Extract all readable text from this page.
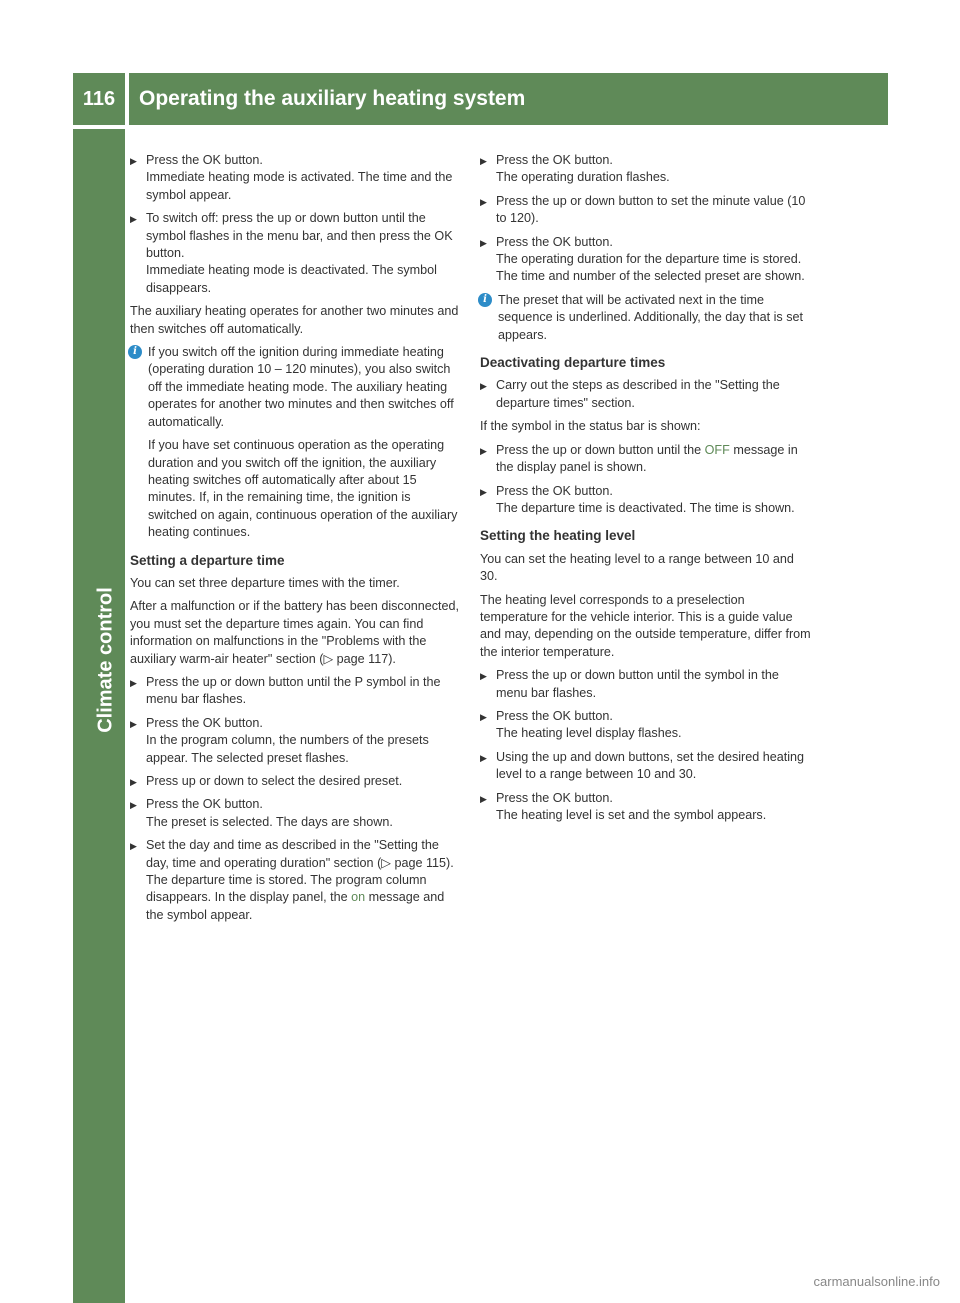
116	Operating the auxiliary heating system
Climate control
▶ Press the OK button.
Immediate heating mode is activated. The time and the symbol appear.
▶ To switch off: press the up or down button until the symbol flashes in the menu bar, and then press the OK button.
Immediate heating mode is deactivated. The symbol disappears.

The auxiliary heating operates for another two minutes and then switches off automatically.

i If you switch off the ignition during immediate heating (operating duration 10 – 120 minutes), you also switch off the immediate heating mode. The auxiliary heating operates for another two minutes and then switches off automatically.
If you have set continuous operation as the operating duration and you switch off the ignition, the auxiliary heating switches off automatically after about 15 minutes. If, in the remaining time, the ignition is switched on again, continuous operation of the auxiliary heating continues.
Setting a departure time

You can set three departure times with the timer.

After a malfunction or if the battery has been disconnected, you must set the departure times again. You can find information on malfunctions in the "Problems with the auxiliary warm-air heater" section (▷ page 117).

▶ Press the up or down button until the P symbol in the menu bar flashes.
▶ Press the OK button.
In the program column, the numbers of the presets appear. The selected preset flashes.
▶ Press up or down to select the desired preset.
▶ Press the OK button.
The preset is selected. The days are shown.
▶ Set the day and time as described in the "Setting the day, time and operating duration" section (▷ page 115).
The departure time is stored. The program column disappears. In the display panel, the on message and the symbol appear.
▶ Press the OK button.
The operating duration flashes.
▶ Press the up or down button to set the minute value (10 to 120).
▶ Press the OK button.
The operating duration for the departure time is stored. The time and number of the selected preset are shown.
i The preset that will be activated next in the time sequence is underlined. Additionally, the day that is set appears.
Deactivating departure times
▶ Carry out the steps as described in the "Setting the departure times" section.

If the symbol in the status bar is shown:

▶ Press the up or down button until the OFF message in the display panel is shown.
▶ Press the OK button.
The departure time is deactivated. The time is shown.
Setting the heating level

You can set the heating level to a range between 10 and 30.

The heating level corresponds to a preselection temperature for the vehicle interior. This is a guide value and may, depending on the outside temperature, differ from the interior temperature.

▶ Press the up or down button until the symbol in the menu bar flashes.
▶ Press the OK button.
The heating level display flashes.
▶ Using the up and down buttons, set the desired heating level to a range between 10 and 30.
▶ Press the OK button.
The heating level is set and the symbol appears.
carmanualsonline.info
